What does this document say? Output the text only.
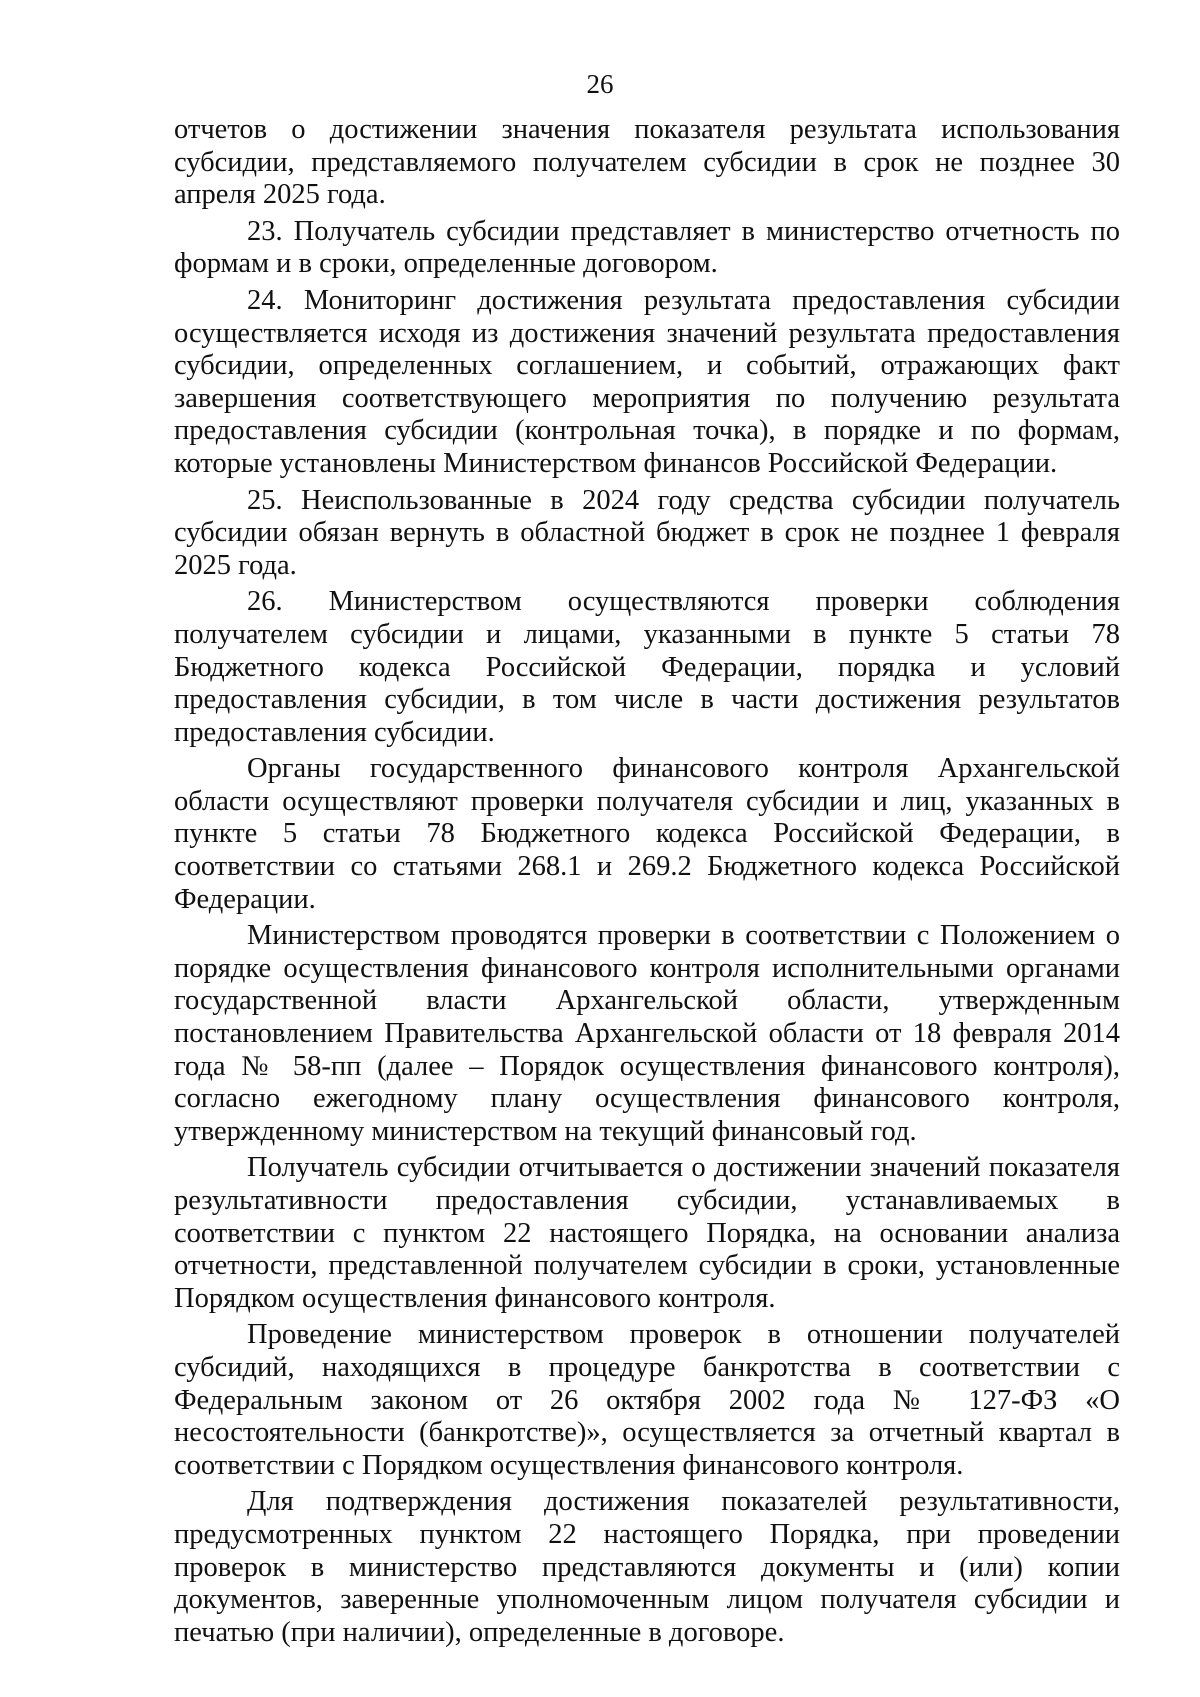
26

отчетов о достижении значения показателя результата использования субсидии, представляемого получателем субсидии в срок не позднее 30 апреля 2025 года.

23. Получатель субсидии представляет в министерство отчетность по формам и в сроки, определенные договором.

24. Мониторинг достижения результата предоставления субсидии осуществляется исходя из достижения значений результата предоставления субсидии, определенных соглашением, и событий, отражающих факт завершения соответствующего мероприятия по получению результата предоставления субсидии (контрольная точка), в порядке и по формам, которые установлены Министерством финансов Российской Федерации.

25. Неиспользованные в 2024 году средства субсидии получатель субсидии обязан вернуть в областной бюджет в срок не позднее 1 февраля 2025 года.

26. Министерством осуществляются проверки соблюдения получателем субсидии и лицами, указанными в пункте 5 статьи 78 Бюджетного кодекса Российской Федерации, порядка и условий предоставления субсидии, в том числе в части достижения результатов предоставления субсидии.

Органы государственного финансового контроля Архангельской области осуществляют проверки получателя субсидии и лиц, указанных в пункте 5 статьи 78 Бюджетного кодекса Российской Федерации, в соответствии со статьями 268.1 и 269.2 Бюджетного кодекса Российской Федерации.

Министерством проводятся проверки в соответствии с Положением о порядке осуществления финансового контроля исполнительными органами государственной власти Архангельской области, утвержденным постановлением Правительства Архангельской области от 18 февраля 2014 года № 58-пп (далее – Порядок осуществления финансового контроля), согласно ежегодному плану осуществления финансового контроля, утвержденному министерством на текущий финансовый год.

Получатель субсидии отчитывается о достижении значений показателя результативности предоставления субсидии, устанавливаемых в соответствии с пунктом 22 настоящего Порядка, на основании анализа отчетности, представленной получателем субсидии в сроки, установленные Порядком осуществления финансового контроля.

Проведение министерством проверок в отношении получателей субсидий, находящихся в процедуре банкротства в соответствии с Федеральным законом от 26 октября 2002 года № 127-ФЗ «О несостоятельности (банкротстве)», осуществляется за отчетный квартал в соответствии с Порядком осуществления финансового контроля.

Для подтверждения достижения показателей результативности, предусмотренных пунктом 22 настоящего Порядка, при проведении проверок в министерство представляются документы и (или) копии документов, заверенные уполномоченным лицом получателя субсидии и печатью (при наличии), определенные в договоре.
